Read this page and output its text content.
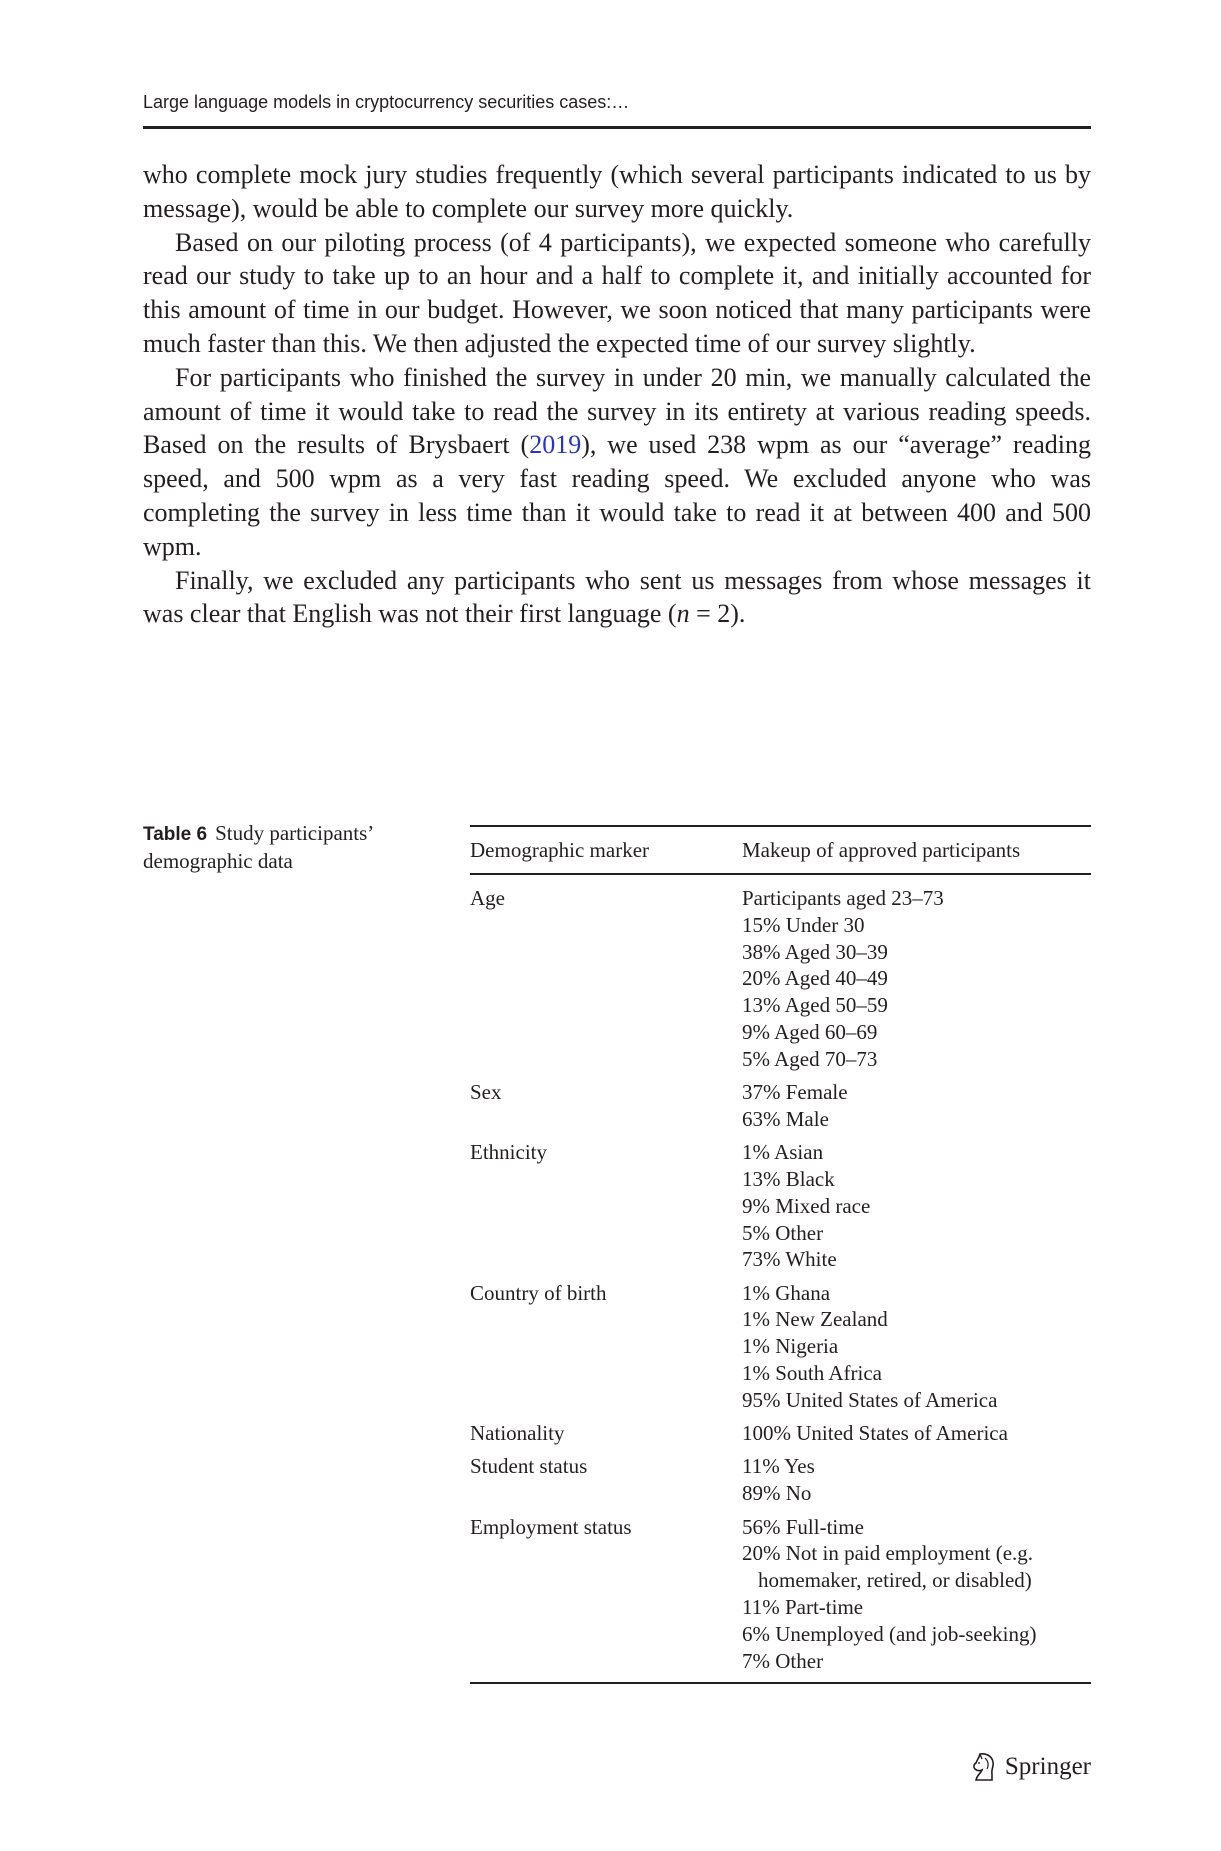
Large language models in cryptocurrency securities cases:…

who complete mock jury studies frequently (which several participants indicated to us by message), would be able to complete our survey more quickly.

Based on our piloting process (of 4 participants), we expected someone who carefully read our study to take up to an hour and a half to complete it, and initially accounted for this amount of time in our budget. However, we soon noticed that many participants were much faster than this. We then adjusted the expected time of our survey slightly.

For participants who finished the survey in under 20 min, we manually calculated the amount of time it would take to read the survey in its entirety at various reading speeds. Based on the results of Brysbaert (2019), we used 238 wpm as our “average” reading speed, and 500 wpm as a very fast reading speed. We excluded anyone who was completing the survey in less time than it would take to read it at between 400 and 500 wpm.

Finally, we excluded any participants who sent us messages from whose messages it was clear that English was not their first language (n = 2).

Table 6 Study participants’ demographic data	Demographic marker	Makeup of approved participants
Age	Participants aged 23–73
15% Under 30
38% Aged 30–39
20% Aged 40–49
13% Aged 50–59
9% Aged 60–69
5% Aged 70–73
Sex	37% Female
63% Male
Ethnicity	1% Asian
13% Black
9% Mixed race
5% Other
73% White
Country of birth	1% Ghana
1% New Zealand
1% Nigeria
1% South Africa
95% United States of America
Nationality	100% United States of America
Student status	11% Yes
89% No
Employment status	56% Full-time
20% Not in paid employment (e.g.
homemaker, retired, or disabled)
11% Part-time
6% Unemployed (and job-seeking)
7% Other
Springer
